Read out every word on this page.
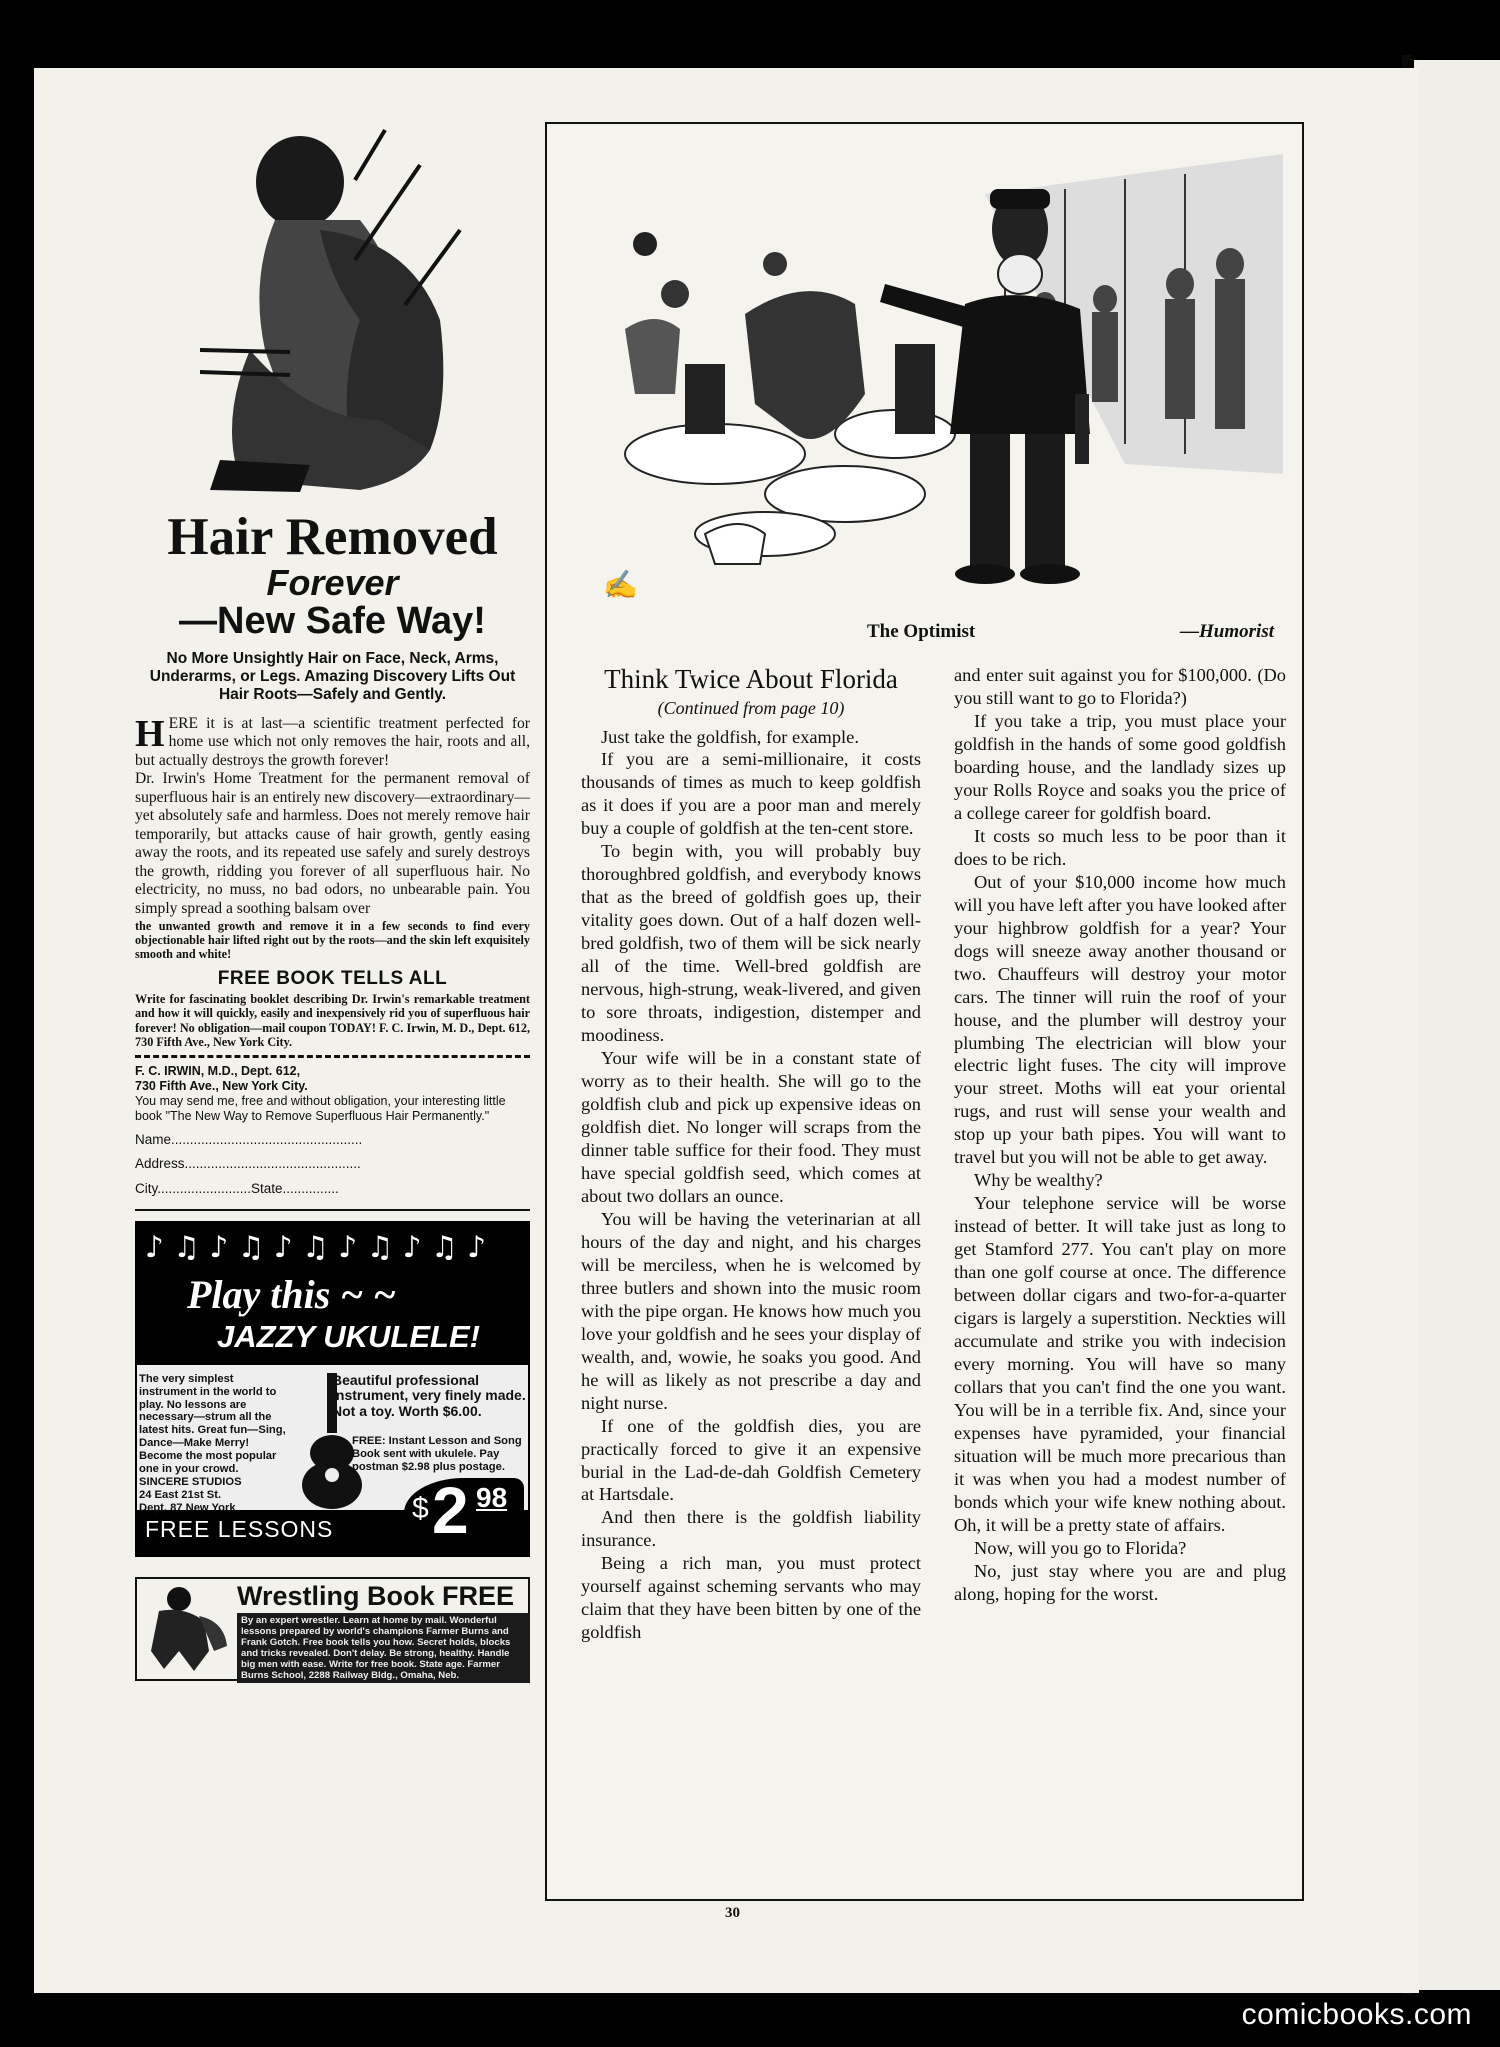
Hair Removed
Forever
—New Safe Way!
No More Unsightly Hair on Face, Neck, Arms, Underarms, or Legs. Amazing Discovery Lifts Out Hair Roots—Safely and Gently.
H ERE it is at last—a scientific treatment perfected for home use which not only removes the hair, roots and all, but actually destroys the growth forever!
Dr. Irwin's Home Treatment for the permanent removal of superfluous hair is an entirely new discovery—extraordinary—yet absolutely safe and harmless. Does not merely remove hair temporarily, but attacks cause of hair growth, gently easing away the roots, and its repeated use safely and surely destroys the growth, ridding you forever of all superfluous hair. No electricity, no muss, no bad odors, no unbearable pain. You simply spread a soothing balsam over
the unwanted growth and remove it in a few seconds to find every objectionable hair lifted right out by the roots—and the skin left exquisitely smooth and white!
FREE BOOK TELLS ALL
Write for fascinating booklet describing Dr. Irwin's remarkable treatment and how it will quickly, easily and inexpensively rid you of superfluous hair forever! No obligation—mail coupon TODAY! F. C. Irwin, M. D., Dept. 612, 730 Fifth Ave., New York City.
F. C. IRWIN, M.D., Dept. 612,
730 Fifth Ave., New York City.
You may send me, free and without obligation, your interesting little book "The New Way to Remove Superfluous Hair Permanently."
Name...................................................
Address...............................................
City.........................State...............
♪ ♫ ♪ ♫ ♪ ♫ ♪ ♫ ♪ ♫ ♪
Play this ~ ~
JAZZY UKULELE!
The very simplest instrument in the world to play. No lessons are necessary—strum all the latest hits. Great fun—Sing, Dance—Make Merry! Become the most popular one in your crowd.
SINCERE STUDIOS
24 East 21st St.
Dept. 87 New York
Beautiful professional instrument, very finely made. Not a toy. Worth $6.00.
FREE: Instant Lesson and Song Book sent with ukulele. Pay postman $2.98 plus postage.
FREE LESSONS
$ 2 98
Wrestling Book FREE
By an expert wrestler. Learn at home by mail. Wonderful lessons prepared by world's champions Farmer Burns and Frank Gotch. Free book tells you how. Secret holds, blocks and tricks revealed. Don't delay. Be strong, healthy. Handle big men with ease. Write for free book. State age. Farmer Burns School, 2288 Railway Bldg., Omaha, Neb.
✍
The Optimist	—Humorist
Think Twice About Florida
(Continued from page 10)

Just take the goldfish, for example.

If you are a semi-millionaire, it costs thousands of times as much to keep goldfish as it does if you are a poor man and merely buy a couple of goldfish at the ten-cent store.

To begin with, you will probably buy thoroughbred goldfish, and everybody knows that as the breed of goldfish goes up, their vitality goes down. Out of a half dozen well-bred goldfish, two of them will be sick nearly all of the time. Well-bred goldfish are nervous, high-strung, weak-livered, and given to sore throats, indigestion, distemper and moodiness.

Your wife will be in a constant state of worry as to their health. She will go to the goldfish club and pick up expensive ideas on goldfish diet. No longer will scraps from the dinner table suffice for their food. They must have special goldfish seed, which comes at about two dollars an ounce.

You will be having the veterinarian at all hours of the day and night, and his charges will be merciless, when he is welcomed by three butlers and shown into the music room with the pipe organ. He knows how much you love your goldfish and he sees your display of wealth, and, wowie, he soaks you good. And he will as likely as not prescribe a day and night nurse.

If one of the goldfish dies, you are practically forced to give it an expensive burial in the Lad-de-dah Goldfish Cemetery at Hartsdale.

And then there is the goldfish liability insurance.

Being a rich man, you must protect yourself against scheming servants who may claim that they have been bitten by one of the goldfish

and enter suit against you for $100,000. (Do you still want to go to Florida?)

If you take a trip, you must place your goldfish in the hands of some good goldfish boarding house, and the landlady sizes up your Rolls Royce and soaks you the price of a college career for goldfish board.

It costs so much less to be poor than it does to be rich.

Out of your $10,000 income how much will you have left after you have looked after your highbrow goldfish for a year? Your dogs will sneeze away another thousand or two. Chauffeurs will destroy your motor cars. The tinner will ruin the roof of your house, and the plumber will destroy your plumbing The electrician will blow your electric light fuses. The city will improve your street. Moths will eat your oriental rugs, and rust will sense your wealth and stop up your bath pipes. You will want to travel but you will not be able to get away.

Why be wealthy?

Your telephone service will be worse instead of better. It will take just as long to get Stamford 277. You can't play on more than one golf course at once. The difference between dollar cigars and two-for-a-quarter cigars is largely a superstition. Neckties will accumulate and strike you with indecision every morning. You will have so many collars that you can't find the one you want. You will be in a terrible fix. And, since your expenses have pyramided, your financial situation will be much more precarious than it was when you had a modest number of bonds which your wife knew nothing about. Oh, it will be a pretty state of affairs.

Now, will you go to Florida?

No, just stay where you are and plug along, hoping for the worst.

30
comicbooks.com
